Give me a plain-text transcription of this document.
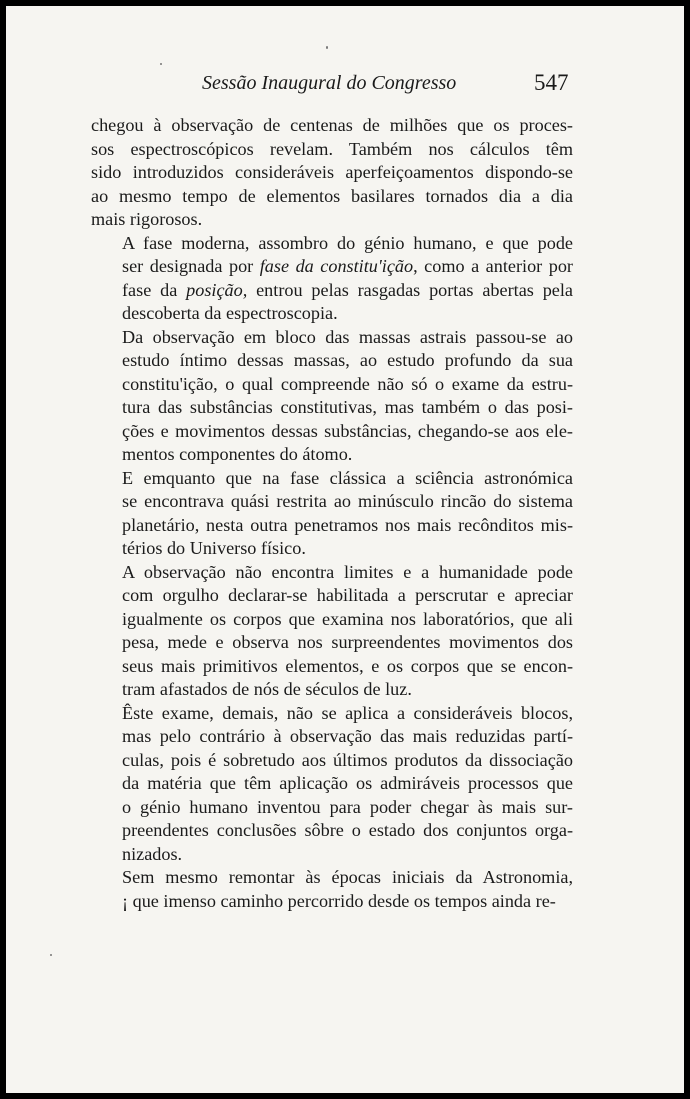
Sessão Inaugural do Congresso	547
chegou à observação de centenas de milhões que os proces-
sos espectroscópicos revelam. Também nos cálculos têm
sido introduzidos consideráveis aperfeiçoamentos dispondo-se
ao mesmo tempo de elementos basilares tornados dia a dia
mais rigorosos.
A fase moderna, assombro do génio humano, e que pode
ser designada por fase da constitu'ição, como a anterior por
fase da posição, entrou pelas rasgadas portas abertas pela
descoberta da espectroscopia.
Da observação em bloco das massas astrais passou-se ao
estudo íntimo dessas massas, ao estudo profundo da sua
constitu'ição, o qual compreende não só o exame da estru-
tura das substâncias constitutivas, mas também o das posi-
ções e movimentos dessas substâncias, chegando-se aos ele-
mentos componentes do átomo.
E emquanto que na fase clássica a sciência astronómica
se encontrava quási restrita ao minúsculo rincão do sistema
planetário, nesta outra penetramos nos mais recônditos mis-
térios do Universo físico.
A observação não encontra limites e a humanidade pode
com orgulho declarar-se habilitada a perscrutar e apreciar
igualmente os corpos que examina nos laboratórios, que ali
pesa, mede e observa nos surpreendentes movimentos dos
seus mais primitivos elementos, e os corpos que se encon-
tram afastados de nós de séculos de luz.
Êste exame, demais, não se aplica a consideráveis blocos,
mas pelo contrário à observação das mais reduzidas partí-
culas, pois é sobretudo aos últimos produtos da dissociação
da matéria que têm aplicação os admiráveis processos que
o génio humano inventou para poder chegar às mais sur-
preendentes conclusões sôbre o estado dos conjuntos orga-
nizados.
Sem mesmo remontar às épocas iniciais da Astronomia,
¡ que imenso caminho percorrido desde os tempos ainda re-
